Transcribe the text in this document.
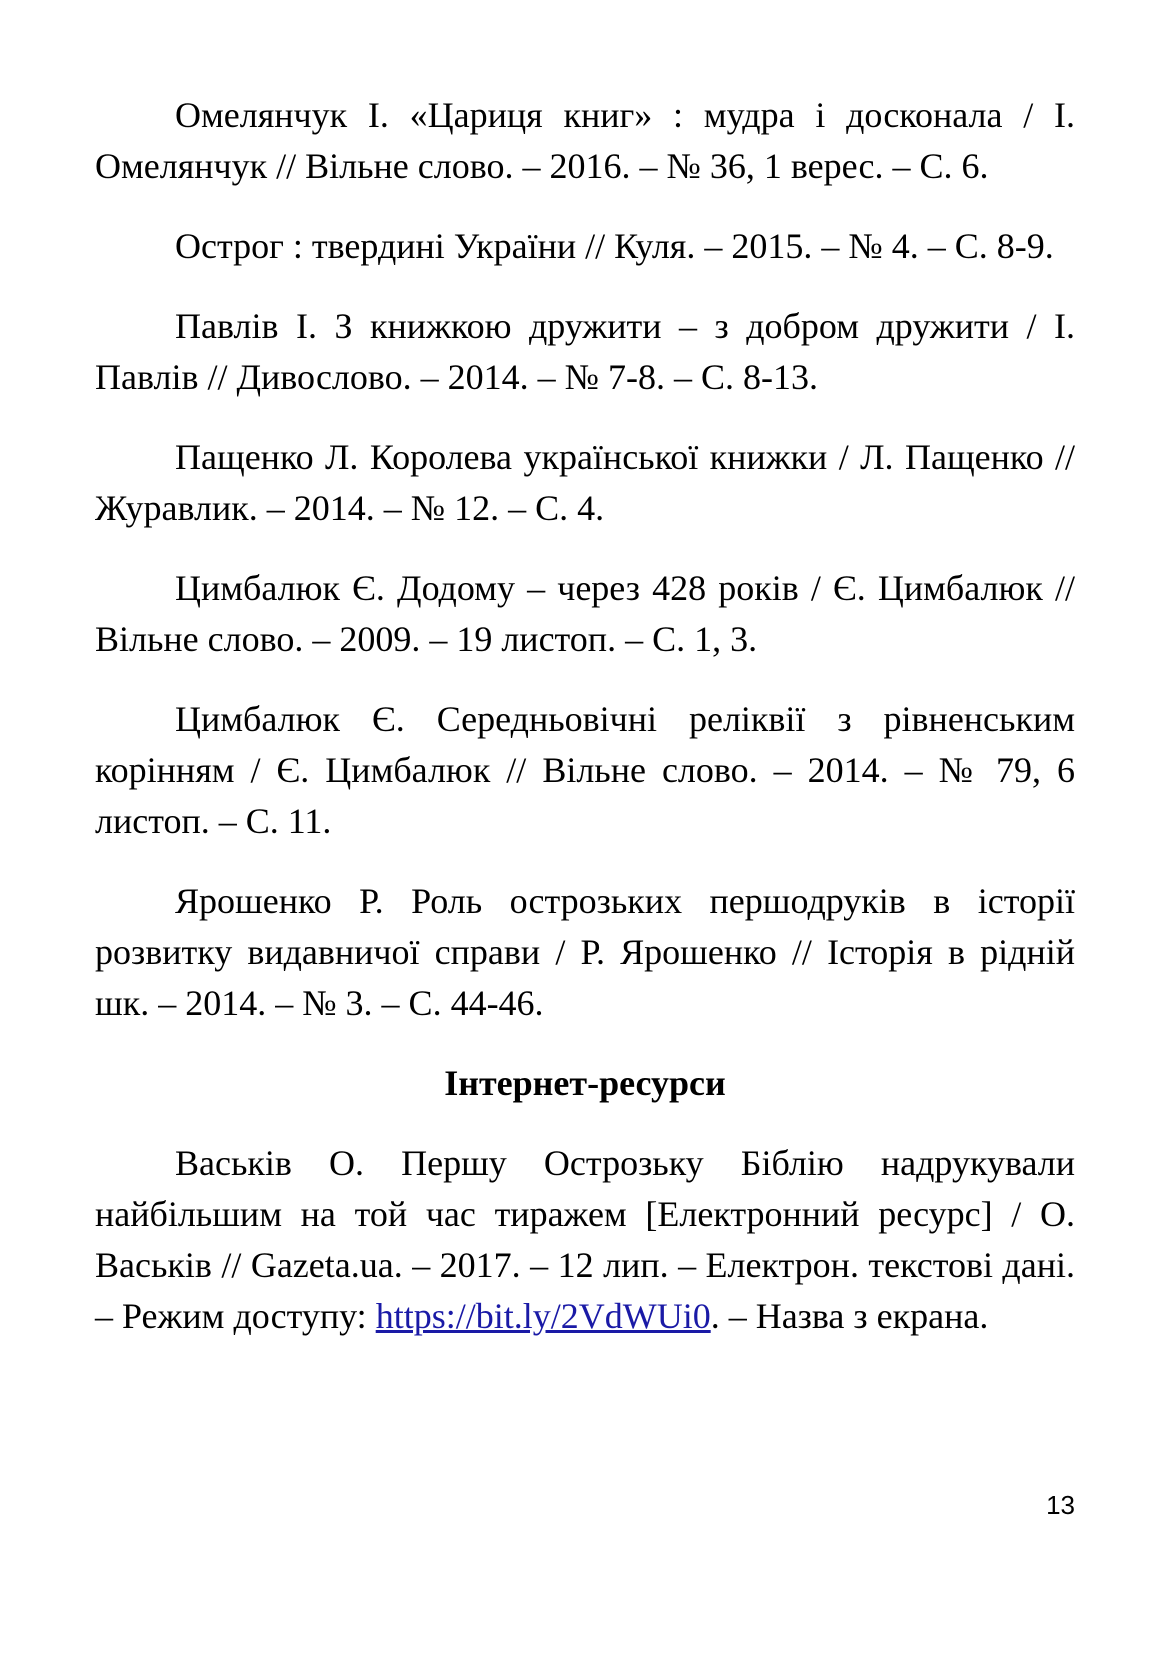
Омелянчук І. «Цариця книг» : мудра і досконала / І. Омелянчук // Вільне слово. – 2016. – № 36, 1 верес. – С. 6.

Острог : твердині України // Куля. – 2015. – № 4. – С. 8-9.

Павлів І. З книжкою дружити – з добром дружити / І. Павлів // Дивослово. – 2014. – № 7-8. – С. 8-13.

Пащенко Л. Королева української книжки / Л. Пащенко // Журавлик. – 2014. – № 12. – С. 4.

Цимбалюк Є. Додому – через 428 років / Є. Цимбалюк // Вільне слово. – 2009. – 19 листоп. – С. 1, 3.

Цимбалюк Є. Середньовічні реліквії з рівненським корінням / Є. Цимбалюк // Вільне слово. – 2014. – № 79, 6 листоп. – С. 11.

Ярошенко Р. Роль острозьких першодруків в історії розвитку видавничої справи / Р. Ярошенко // Історія в рідній шк. – 2014. – № 3. – С. 44-46.

Інтернет-ресурси

Васьків О. Першу Острозьку Біблію надрукували найбільшим на той час тиражем [Електронний ресурс] / О. Васьків // Gazeta.ua. – 2017. – 12 лип. – Електрон. текстові дані. – Режим доступу: https://bit.ly/2VdWUi0. – Назва з екрана.

13
